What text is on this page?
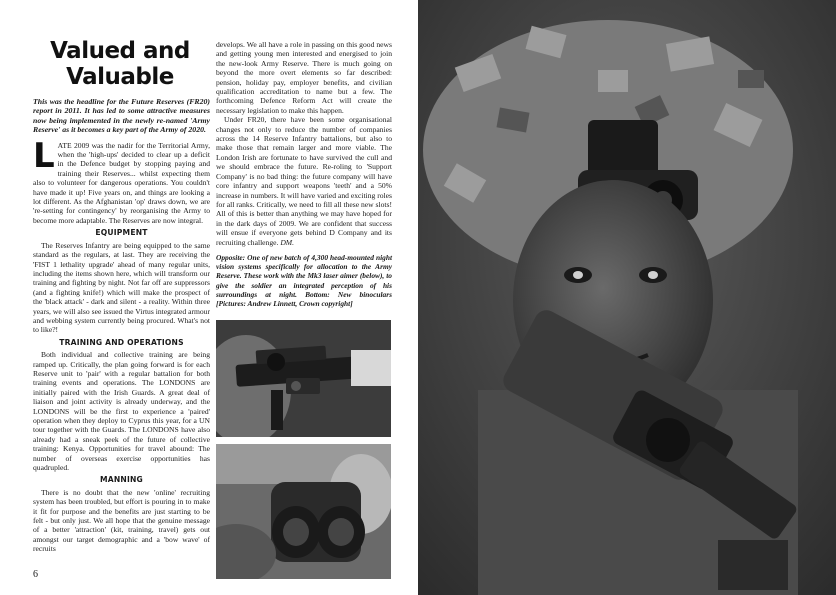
Valued and
Valuable
This was the headline for the Future Reserves (FR20) report in 2011. It has led to some attractive measures now being implemented in the newly re-named 'Army Reserve' as it becomes a key part of the Army of 2020.

LATE 2009 was the nadir for the Territorial Army, when the 'high-ups' decided to clear up a deficit in the Defence budget by stopping paying and training their Reserves... whilst expecting them also to volunteer for dangerous operations. You couldn't have made it up! Five years on, and things are looking a lot different. As the Afghanistan 'op' draws down, we are 're-setting for contingency' by reorganising the Army to become more adaptable. The Reserves are now integral.

EQUIPMENT

The Reserves Infantry are being equipped to the same standard as the regulars, at last. They are receiving the 'FIST 1 lethality upgrade' ahead of many regular units, including the items shown here, which will transform our training and fighting by night. Not far off are suppressors (and a fighting knife!) which will make the prospect of the 'black attack' - dark and silent - a reality. Within three years, we will also see issued the Virtus integrated armour and webbing system currently being procured. What's not to like?!

TRAINING AND OPERATIONS

Both individual and collective training are being ramped up. Critically, the plan going forward is for each Reserve unit to 'pair' with a regular battalion for both training events and operations. The LONDONS are initially paired with the Irish Guards. A great deal of liaison and joint activity is already underway, and the LONDONS will be the first to experience a 'paired' operation when they deploy to Cyprus this year, for a UN tour together with the Guards. The LONDONS have also already had a sneak peek of the future of collective training: Kenya. Opportunities for travel abound: The number of overseas exercise opportunities has quadrupled.

MANNING

There is no doubt that the new 'online' recruiting system has been troubled, but effort is pouring in to make it fit for purpose and the benefits are just starting to be felt - but only just. We all hope that the genuine message of a better 'attraction' (kit, training, travel) gets out amongst our target demographic and a 'bow wave' of recruits

develops. We all have a role in passing on this good news and getting young men interested and energised to join the new-look Army Reserve. There is much going on beyond the more overt elements so far described: pension, holiday pay, employer benefits, and civilian qualification accreditation to name but a few. The forthcoming Defence Reform Act will create the necessary legislation to make this happen.

Under FR20, there have been some organisational changes not only to reduce the number of companies across the 14 Reserve Infantry battalions, but also to make those that remain larger and more viable. The London Irish are fortunate to have survived the cull and we should embrace the future. Re-roling to 'Support Company' is no bad thing: the future company will have core infantry and support weapons 'teeth' and a 50% increase in numbers. It will have varied and exciting roles for all ranks. Critically, we need to fill all these new slots! All of this is better than anything we may have hoped for in the dark days of 2009. We are confident that success will ensue if everyone gets behind D Company and its recruiting challenge. DM.

Opposite: One of new batch of 4,300 head-mounted night vision systems specifically for allocation to the Army Reserve. These work with the Mk3 laser aimer (below), to give the soldier an integrated perception of his surroundings at night. Bottom: New binoculars [Pictures: Andrew Linnett, Crown copyright]
6
